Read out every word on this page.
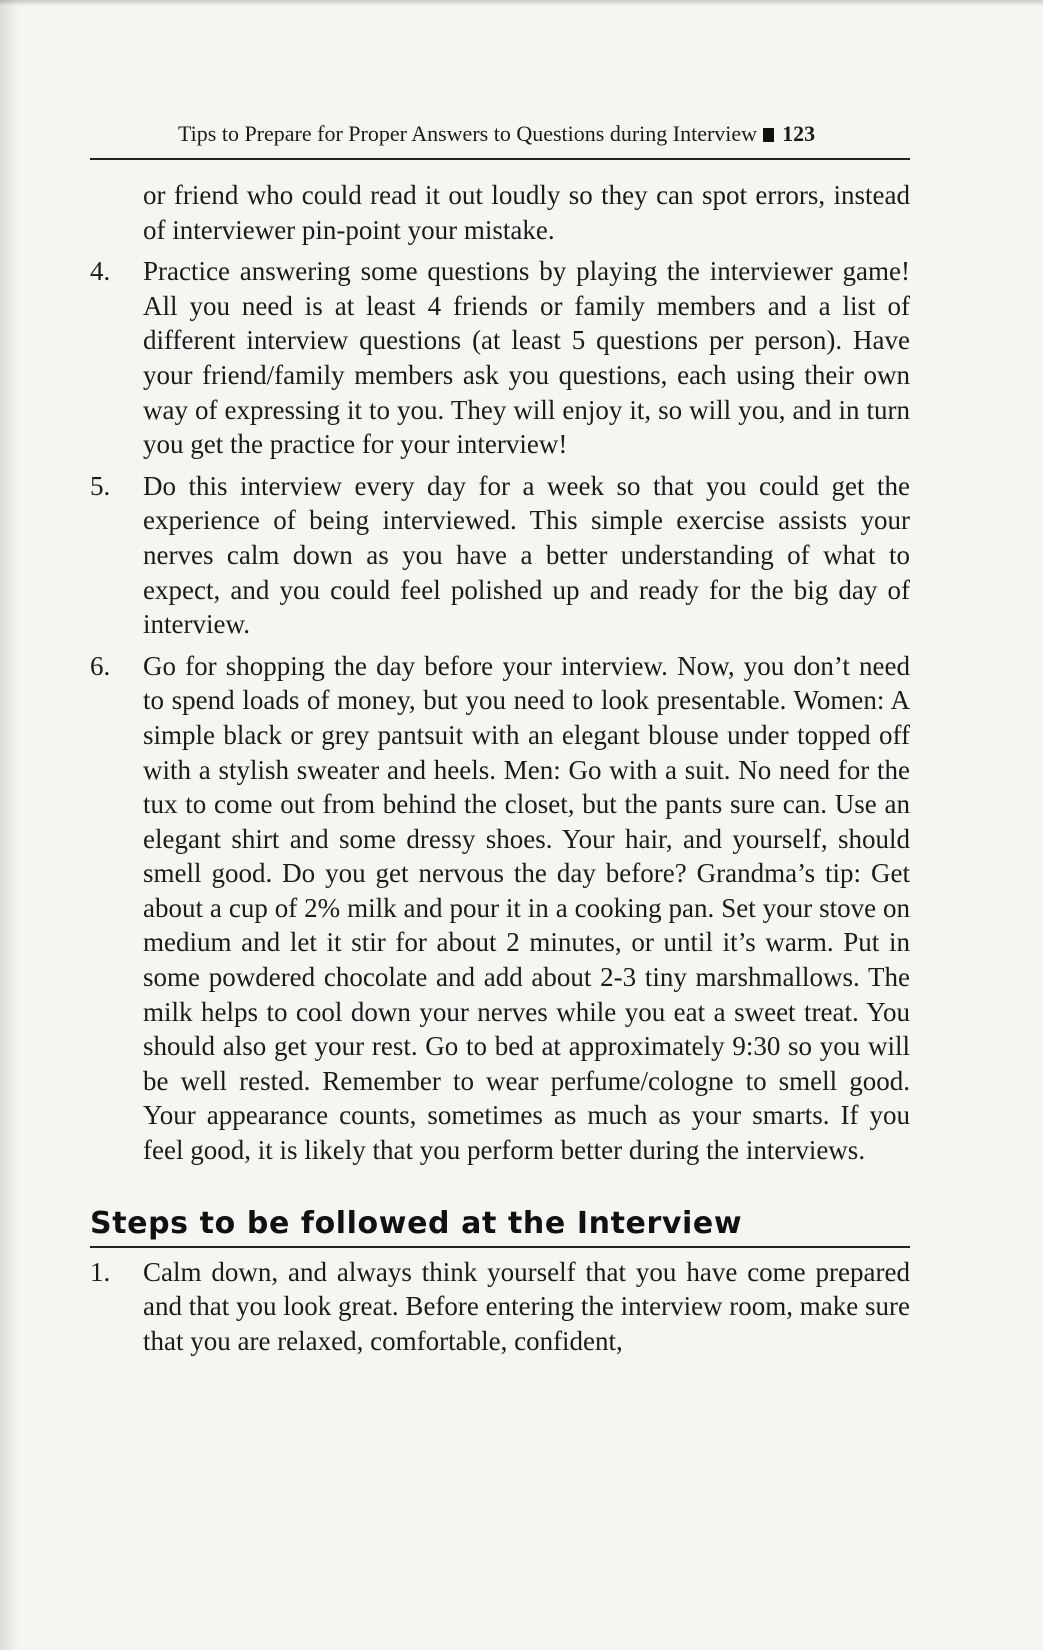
Tips to Prepare for Proper Answers to Questions during Interview 123
or friend who could read it out loudly so they can spot errors, instead of interviewer pin-point your mistake.
4.	Practice answering some questions by playing the interviewer game! All you need is at least 4 friends or family members and a list of different interview questions (at least 5 questions per person). Have your friend/family members ask you questions, each using their own way of expressing it to you. They will enjoy it, so will you, and in turn you get the practice for your interview!
5.	Do this interview every day for a week so that you could get the experience of being interviewed. This simple exercise assists your nerves calm down as you have a better understanding of what to expect, and you could feel polished up and ready for the big day of interview.
6.	Go for shopping the day before your interview. Now, you don’t need to spend loads of money, but you need to look presentable. Women: A simple black or grey pantsuit with an elegant blouse under topped off with a stylish sweater and heels. Men: Go with a suit. No need for the tux to come out from behind the closet, but the pants sure can. Use an elegant shirt and some dressy shoes. Your hair, and yourself, should smell good. Do you get nervous the day before? Grandma’s tip: Get about a cup of 2% milk and pour it in a cooking pan. Set your stove on medium and let it stir for about 2 minutes, or until it’s warm. Put in some powdered chocolate and add about 2-3 tiny marshmallows. The milk helps to cool down your nerves while you eat a sweet treat. You should also get your rest. Go to bed at approximately 9:30 so you will be well rested. Remember to wear perfume/cologne to smell good. Your appearance counts, sometimes as much as your smarts. If you feel good, it is likely that you perform better during the interviews.
Steps to be followed at the Interview
1.	Calm down, and always think yourself that you have come prepared and that you look great. Before entering the interview room, make sure that you are relaxed, comfortable, confident,
